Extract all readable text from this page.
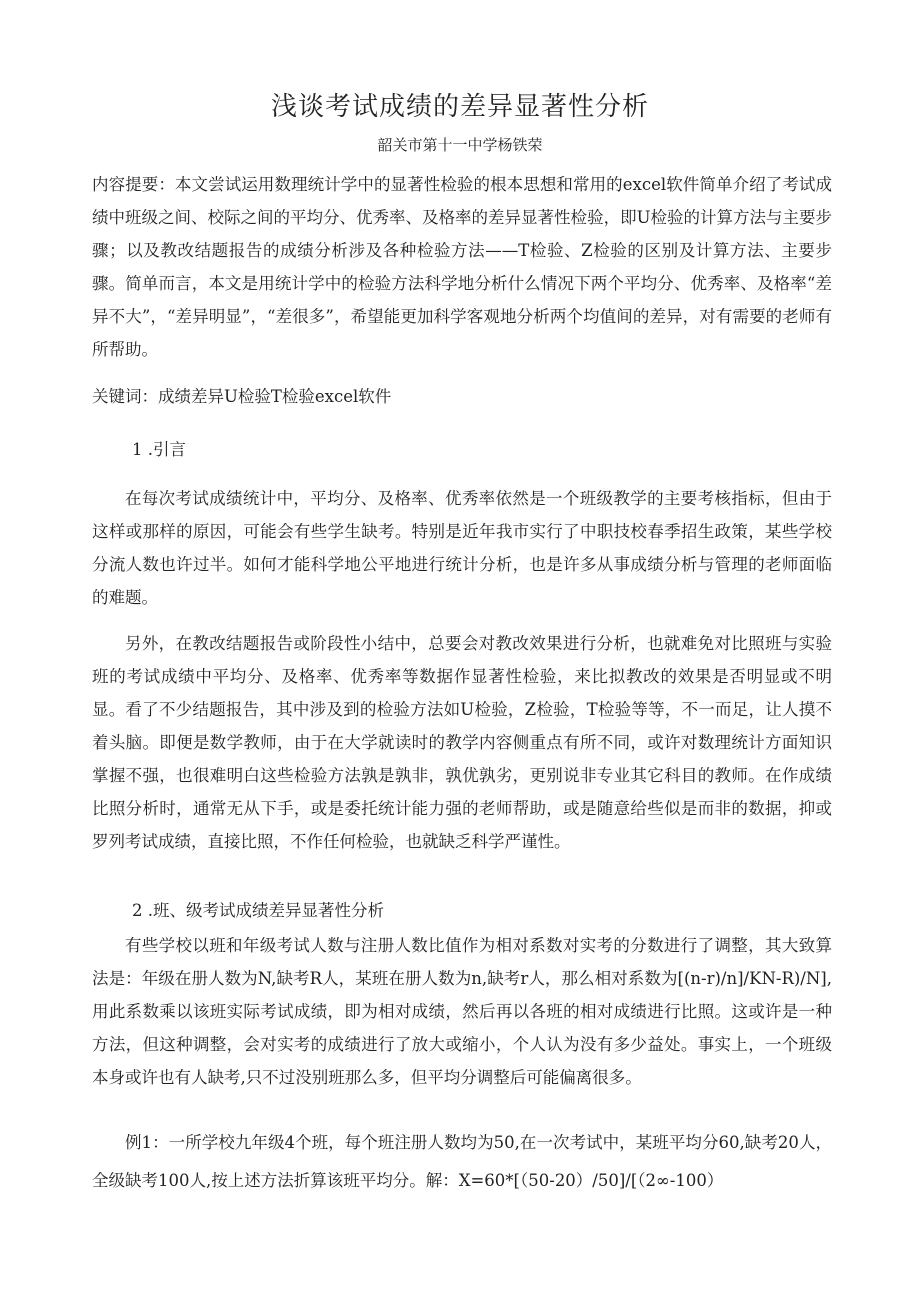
浅谈考试成绩的差异显著性分析

韶关市第十一中学杨铁荣

内容提要：本文尝试运用数理统计学中的显著性检验的根本思想和常用的excel软件简单介绍了考试成绩中班级之间、校际之间的平均分、优秀率、及格率的差异显著性检验，即U检验的计算方法与主要步骤；以及教改结题报告的成绩分析涉及各种检验方法——T检验、Z检验的区别及计算方法、主要步骤。简单而言，本文是用统计学中的检验方法科学地分析什么情况下两个平均分、优秀率、及格率“差异不大”，“差异明显”，“差很多”，希望能更加科学客观地分析两个均值间的差异，对有需要的老师有所帮助。

关键词：成绩差异U检验T检验excel软件

1 .引言

在每次考试成绩统计中，平均分、及格率、优秀率依然是一个班级教学的主要考核指标，但由于这样或那样的原因，可能会有些学生缺考。特别是近年我市实行了中职技校春季招生政策，某些学校分流人数也许过半。如何才能科学地公平地进行统计分析，也是许多从事成绩分析与管理的老师面临的难题。

另外，在教改结题报告或阶段性小结中，总要会对教改效果进行分析，也就难免对比照班与实验班的考试成绩中平均分、及格率、优秀率等数据作显著性检验，来比拟教改的效果是否明显或不明显。看了不少结题报告，其中涉及到的检验方法如U检验，Z检验，T检验等等，不一而足，让人摸不着头脑。即便是数学教师，由于在大学就读时的教学内容侧重点有所不同，或许对数理统计方面知识掌握不强，也很难明白这些检验方法孰是孰非，孰优孰劣，更别说非专业其它科目的教师。在作成绩比照分析时，通常无从下手，或是委托统计能力强的老师帮助，或是随意给些似是而非的数据，抑或罗列考试成绩，直接比照，不作任何检验，也就缺乏科学严谨性。

2 .班、级考试成绩差异显著性分析

有些学校以班和年级考试人数与注册人数比值作为相对系数对实考的分数进行了调整，其大致算法是：年级在册人数为N,缺考R人，某班在册人数为n,缺考r人，那么相对系数为[(n-r)/n]/KN-R)/N],用此系数乘以该班实际考试成绩，即为相对成绩，然后再以各班的相对成绩进行比照。这或许是一种方法，但这种调整，会对实考的成绩进行了放大或缩小，个人认为没有多少益处。事实上，一个班级本身或许也有人缺考,只不过没别班那么多，但平均分调整后可能偏离很多。

例1：一所学校九年级4个班，每个班注册人数均为50,在一次考试中，某班平均分60,缺考20人，全级缺考100人,按上述方法折算该班平均分。解：X=60*[（50-20）/50]/[（2∞-100）
